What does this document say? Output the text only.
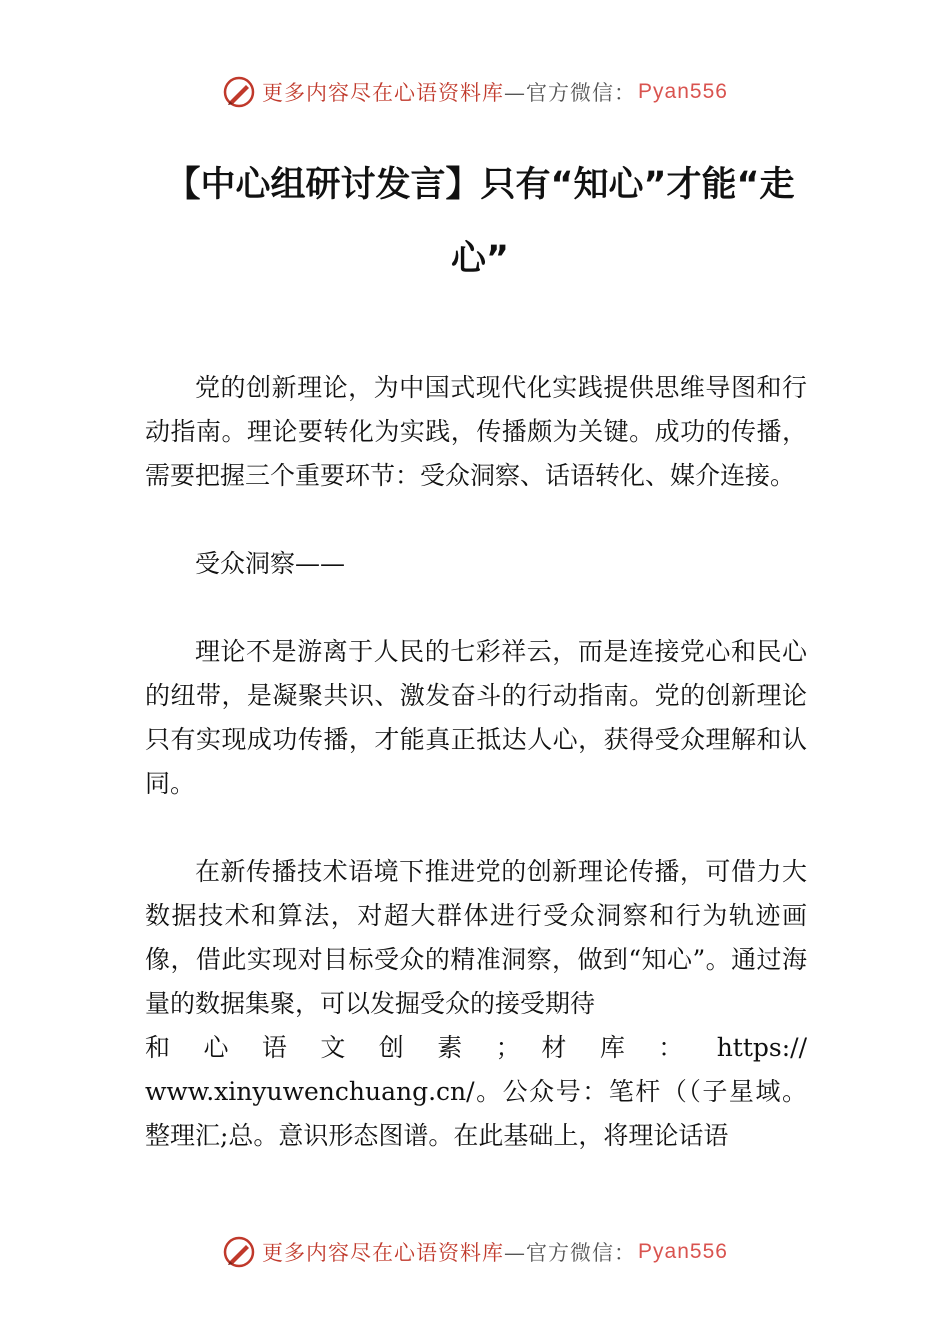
更多内容尽在心语资料库 —官方微信： Pyan556
【中心组研讨发言】只有“知心”才能“走心”

党的创新理论，为中国式现代化实践提供思维导图和行动指南。理论要转化为实践，传播颇为关键。成功的传播，需要把握三个重要环节：受众洞察、话语转化、媒介连接。

受众洞察——

理论不是游离于人民的七彩祥云，而是连接党心和民心的纽带，是凝聚共识、激发奋斗的行动指南。党的创新理论只有实现成功传播，才能真正抵达人心，获得受众理解和认同。

在新传播技术语境下推进党的创新理论传播，可借力大数据技术和算法，对超大群体进行受众洞察和行为轨迹画像，借此实现对目标受众的精准洞察，做到“知心”。通过海量的数据集聚，可以发掘受众的接受期待

和 心 语 文 创 素 ； 材 库 ： https://

www.xinyuwenchuang.cn/。公众号：笔杆（（子星域。整理汇;总。意识形态图谱。在此基础上，将理论话语

更多内容尽在心语资料库 —官方微信： Pyan556
